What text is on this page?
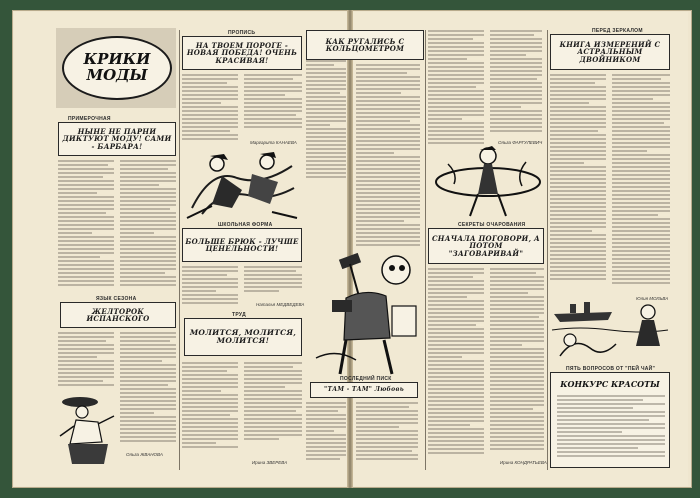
КРИКИ МОДЫ
ПРОПИСЬ
НА ТВОЕМ ПОРОГЕ - НОВАЯ ПОБЕДА! ОЧЕНЬ КРАСИВАЯ!
ПРИМЕРОЧНАЯ
НЫНЕ НЕ ПАРНИ ДИКТУЮТ МОДУ! САМИ - БАРБАРА!	Маргарита КАНАЕВА
ШКОЛЬНАЯ ФОРМА
БОЛЬШЕ БРЮК - ЛУЧШЕ ЦЕНЕЛЬНОСТИ!
Наталья МЕДВЕДЕВА
ЯЗЫК СЕЗОНА
ЖЕЛТОРОК ИСПАНСКОГО
Ольга ЖВАНОВА
ТРУД
МОЛИТСЯ, МОЛИТСЯ, МОЛИТСЯ!
Ирина ЗВЕРЕВА
КАК РУГАЛИСЬ С КОЛЬЦОМЕТРОМ
ПОСЛЕДНИЙ ПИСК
"ТАМ - ТАМ" Любовь
Ольга ФАРГУЛЕВИЧ
СЕКРЕТЫ ОЧАРОВАНИЯ
СНАЧАЛА ПОГОВОРИ, А ПОТОМ "ЗАГОВАРИВАЙ"
Ирина КОНДРАТЬЕВА
ПЕРЕД ЗЕРКАЛОМ
КНИГА ИЗМЕРЕНИЙ С АСТРАЛЬНЫМ ДВОЙНИКОМ
Юлия МОЛЬВА
ПЯТЬ ВОПРОСОВ ОТ "ПЕЙ ЧАЙ"
КОНКУРС КРАСОТЫ
